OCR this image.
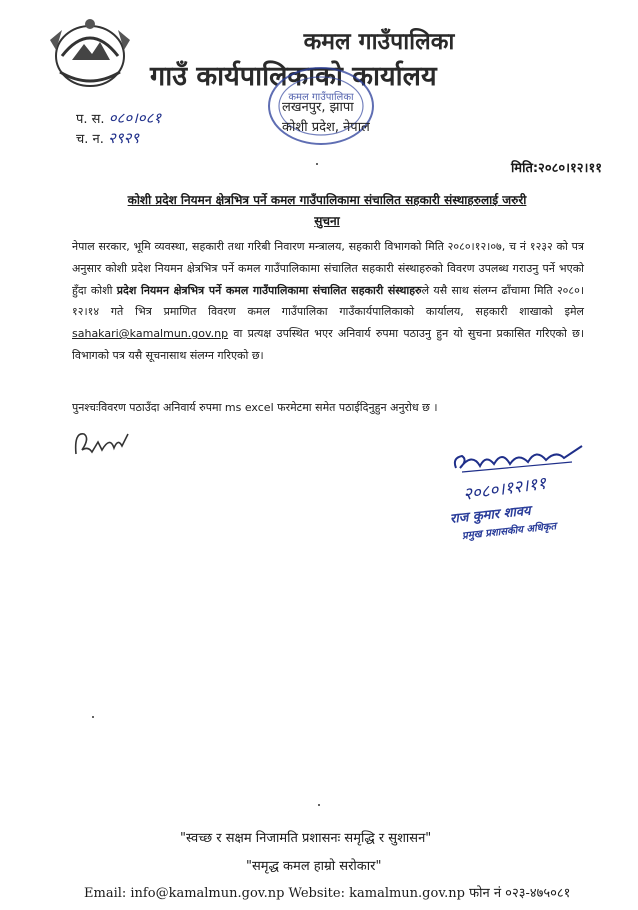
कमल गाउँपालिका
गाउँ कार्यपालिकाको कार्यालय
कमल गाउँपालिका
लखनपुर, झापा
कोशी प्रदेश, नेपाल
प. स. ०८०।०८१
च. न. २९२९
मिति:२०८०।१२।११
कोशी प्रदेश नियमन क्षेत्रभित्र पर्ने कमल गाउँपालिकामा संचालित सहकारी संस्थाहरुलाई जरुरी
सुचना
नेपाल सरकार, भूमि व्यवस्था, सहकारी तथा गरिबी निवारण मन्त्रालय, सहकारी विभागको मिति २०८०।१२।०७, च नं १२३२ को पत्र अनुसार कोशी प्रदेश नियमन क्षेत्रभित्र पर्ने कमल गाउँपालिकामा संचालित सहकारी संस्थाहरुको विवरण उपलब्ध गराउनु पर्ने भएको हुँदा कोशी प्रदेश नियमन क्षेत्रभित्र पर्ने कमल गाउँपालिकामा संचालित सहकारी संस्थाहरुले यसै साथ संलग्न ढाँचामा मिति २०८०।१२।१४ गते भित्र प्रमाणित विवरण कमल गाउँपालिका गाउँकार्यपालिकाको कार्यालय, सहकारी शाखाको इमेल sahakari@kamalmun.gov.np वा प्रत्यक्ष उपस्थित भएर अनिवार्य रुपमा पठाउनु हुन यो सुचना प्रकासित गरिएको छ। विभागको पत्र यसै सूचनासाथ संलग्न गरिएको छ।
पुनश्चःविवरण पठाउँदा अनिवार्य रुपमा ms excel फरमेटमा समेत पठाईदिनुहुन अनुरोध छ ।
२०८०।१२।११
राज कुमार शावय
प्रमुख प्रशासकीय अधिकृत
"स्वच्छ र सक्षम निजामति प्रशासनः समृद्धि र सुशासन"
"समृद्ध कमल हाम्रो सरोकार"
Email: info@kamalmun.gov.np Website: kamalmun.gov.np फोन नं ०२३-४७५०८१
